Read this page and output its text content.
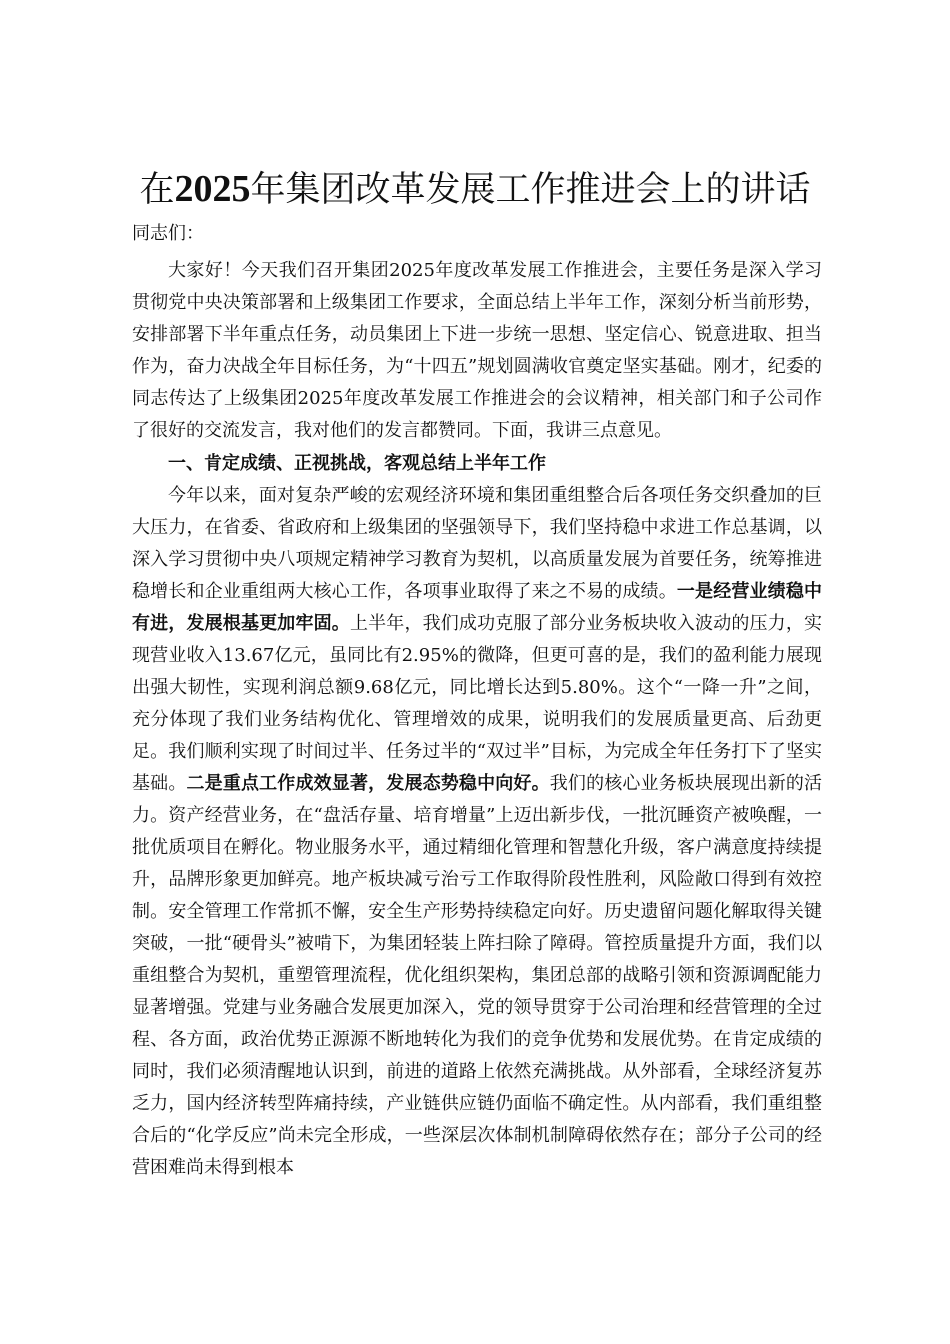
在2025年集团改革发展工作推进会上的讲话
同志们：

大家好！今天我们召开集团2025年度改革发展工作推进会，主要任务是深入学习贯彻党中央决策部署和上级集团工作要求，全面总结上半年工作，深刻分析当前形势，安排部署下半年重点任务，动员集团上下进一步统一思想、坚定信心、锐意进取、担当作为，奋力决战全年目标任务，为“十四五”规划圆满收官奠定坚实基础。刚才，纪委的同志传达了上级集团2025年度改革发展工作推进会的会议精神，相关部门和子公司作了很好的交流发言，我对他们的发言都赞同。下面，我讲三点意见。

一、肯定成绩、正视挑战，客观总结上半年工作

今年以来，面对复杂严峻的宏观经济环境和集团重组整合后各项任务交织叠加的巨大压力，在省委、省政府和上级集团的坚强领导下，我们坚持稳中求进工作总基调，以深入学习贯彻中央八项规定精神学习教育为契机，以高质量发展为首要任务，统筹推进稳增长和企业重组两大核心工作，各项事业取得了来之不易的成绩。一是经营业绩稳中有进，发展根基更加牢固。上半年，我们成功克服了部分业务板块收入波动的压力，实现营业收入13.67亿元，虽同比有2.95%的微降，但更可喜的是，我们的盈利能力展现出强大韧性，实现利润总额9.68亿元，同比增长达到5.80%。这个“一降一升”之间，充分体现了我们业务结构优化、管理增效的成果，说明我们的发展质量更高、后劲更足。我们顺利实现了时间过半、任务过半的“双过半”目标，为完成全年任务打下了坚实基础。二是重点工作成效显著，发展态势稳中向好。我们的核心业务板块展现出新的活力。资产经营业务，在“盘活存量、培育增量”上迈出新步伐，一批沉睡资产被唤醒，一批优质项目在孵化。物业服务水平，通过精细化管理和智慧化升级，客户满意度持续提升，品牌形象更加鲜亮。地产板块减亏治亏工作取得阶段性胜利，风险敞口得到有效控制。安全管理工作常抓不懈，安全生产形势持续稳定向好。历史遗留问题化解取得关键突破，一批“硬骨头”被啃下，为集团轻装上阵扫除了障碍。管控质量提升方面，我们以重组整合为契机，重塑管理流程，优化组织架构，集团总部的战略引领和资源调配能力显著增强。党建与业务融合发展更加深入，党的领导贯穿于公司治理和经营管理的全过程、各方面，政治优势正源源不断地转化为我们的竞争优势和发展优势。在肯定成绩的同时，我们必须清醒地认识到，前进的道路上依然充满挑战。从外部看，全球经济复苏乏力，国内经济转型阵痛持续，产业链供应链仍面临不确定性。从内部看，我们重组整合后的“化学反应”尚未完全形成，一些深层次体制机制障碍依然存在；部分子公司的经营困难尚未得到根本
